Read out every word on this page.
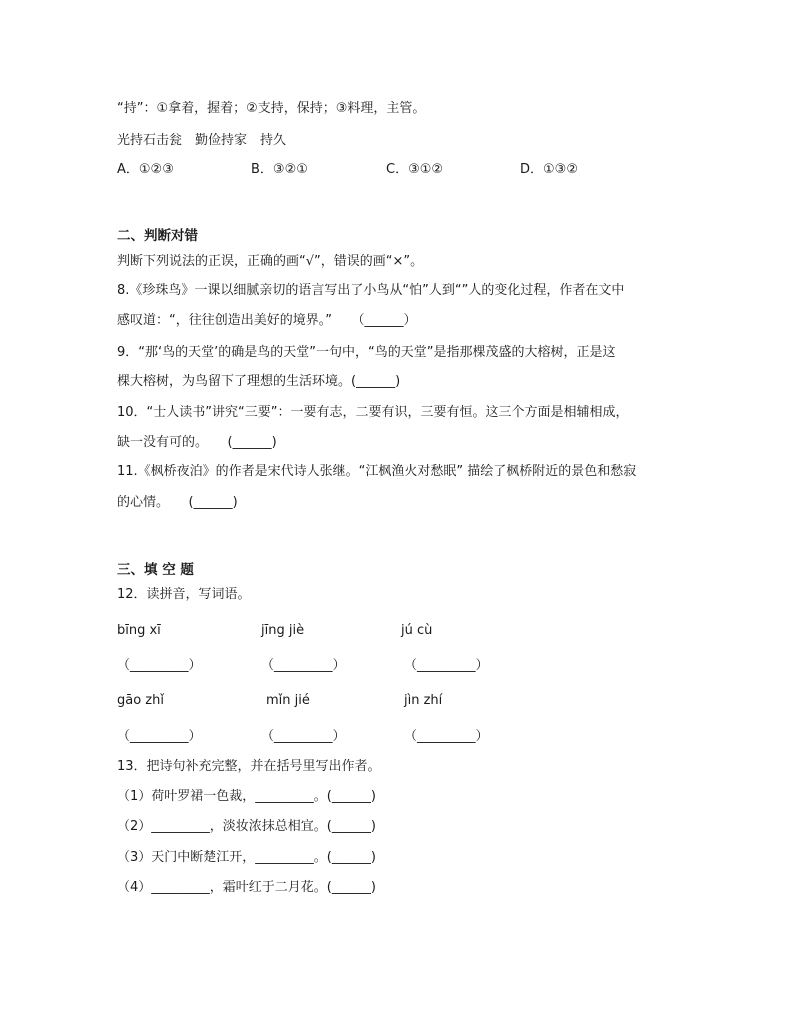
“持”：①拿着，握着；②支持，保持；③料理，主管。
光持石击瓮　勤俭持家　持久
A．①②③	B．③②①	C．③①②	D．①③②
二、判断对错
判断下列说法的正误，正确的画“√”，错误的画“×”。
8.《珍珠鸟》一课以细腻亲切的语言写出了小鸟从“怕”人到“”人的变化过程，作者在文中
感叹道：“，往往创造出美好的境界。”　　（______）
9．“那‘鸟的天堂’的确是鸟的天堂”一句中，“鸟的天堂”是指那棵茂盛的大榕树，正是这
棵大榕树，为鸟留下了理想的生活环境。(______)
10．“士人读书”讲究“三要”：一要有志，二要有识，三要有恒。这三个方面是相辅相成，
缺一没有可的。　　(______)
11.《枫桥夜泊》的作者是宋代诗人张继。“江枫渔火对愁眠” 描绘了枫桥附近的景色和愁寂
的心情。　　(______)
三、填 空 题
12．读拼音，写词语。
bīng xī	jīng jiè	jú cù
（_________）	（_________）	（_________）
gāo zhǐ	mǐn jié	jìn zhí
（_________）	（_________）	（_________）
13．把诗句补充完整，并在括号里写出作者。
（1）荷叶罗裙一色裁，_________。(______)
（2）_________，淡妆浓抹总相宜。(______)
（3）天门中断楚江开，_________。(______)
（4）_________，霜叶红于二月花。(______)
